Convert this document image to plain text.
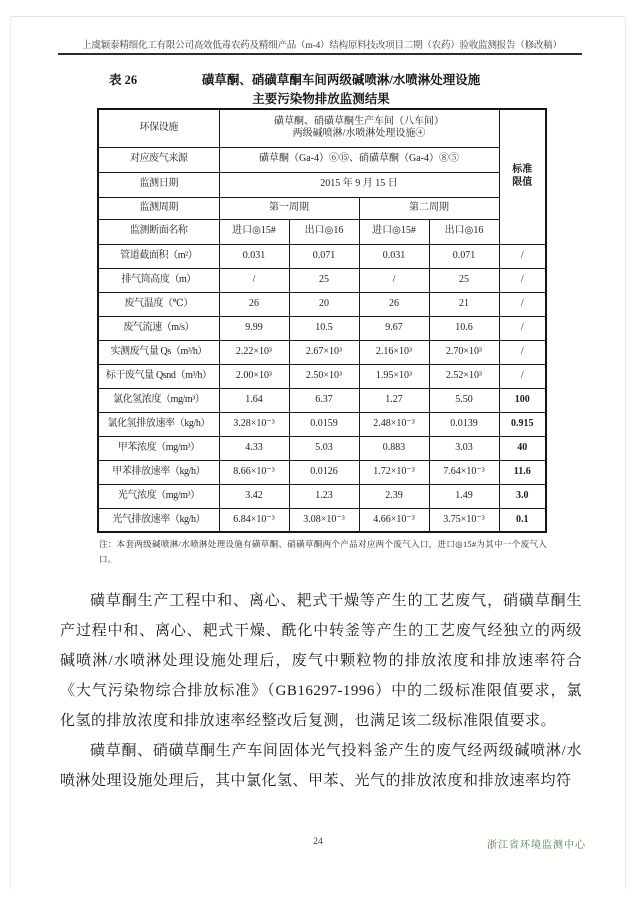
上虞颖泰精细化工有限公司高效低毒农药及精细产品（m-4）结构原料技改项目二期（农药）验收监测报告（修改稿）
表 26	磺草酮、硝磺草酮车间两级碱喷淋/水喷淋处理设施
主要污染物排放监测结果
环保设施	磺草酮、硝磺草酮生产车间（八车间）
两级碱喷淋/水喷淋处理设施④				标准
限值
对应废气来源	磺草酮（Ga-4）⑥⑮、硝磺草酮（Ga-4）⑧⑤				
监测日期	2015 年 9 月 15 日				
监测周期	第一周期		第二周期		
监测断面名称	进口◎15#	出口◎16	进口◎15#	出口◎16	
管道截面积（m²）	0.031	0.071	0.031	0.071	/
排气筒高度（m）	/	25	/	25	/
废气温度（℃）	26	20	26	21	/
废气流速（m/s）	9.99	10.5	9.67	10.6	/
实测废气量 Qs（m³/h）	2.22×10³	2.67×10³	2.16×10³	2.70×10³	/
标干废气量 Qsnd（m³/h）	2.00×10³	2.50×10³	1.95×10³	2.52×10³	/
氯化氢浓度（mg/m³）	1.64	6.37	1.27	5.50	100
氯化氢排放速率（kg/h）	3.28×10⁻³	0.0159	2.48×10⁻³	0.0139	0.915
甲苯浓度（mg/m³）	4.33	5.03	0.883	3.03	40
甲苯排放速率（kg/h）	8.66×10⁻³	0.0126	1.72×10⁻³	7.64×10⁻³	11.6
光气浓度（mg/m³）	3.42	1.23	2.39	1.49	3.0
光气排放速率（kg/h）	6.84×10⁻³	3.08×10⁻³	4.66×10⁻³	3.75×10⁻³	0.1
注：本套两级碱喷淋/水喷淋处理设施有磺草酮、硝磺草酮两个产品对应两个废气入口，进口◎15#为其中一个废气入口。

磺草酮生产工程中和、离心、耙式干燥等产生的工艺废气，硝磺草酮生产过程中和、离心、耙式干燥、酰化中转釜等产生的工艺废气经独立的两级碱喷淋/水喷淋处理设施处理后，废气中颗粒物的排放浓度和排放速率符合《大气污染物综合排放标准》（GB16297-1996）中的二级标准限值要求，氯化氢的排放浓度和排放速率经整改后复测，也满足该二级标准限值要求。

磺草酮、硝磺草酮生产车间固体光气投料釜产生的废气经两级碱喷淋/水喷淋处理设施处理后，其中氯化氢、甲苯、光气的排放浓度和排放速率均符

24	浙江省环境监测中心
